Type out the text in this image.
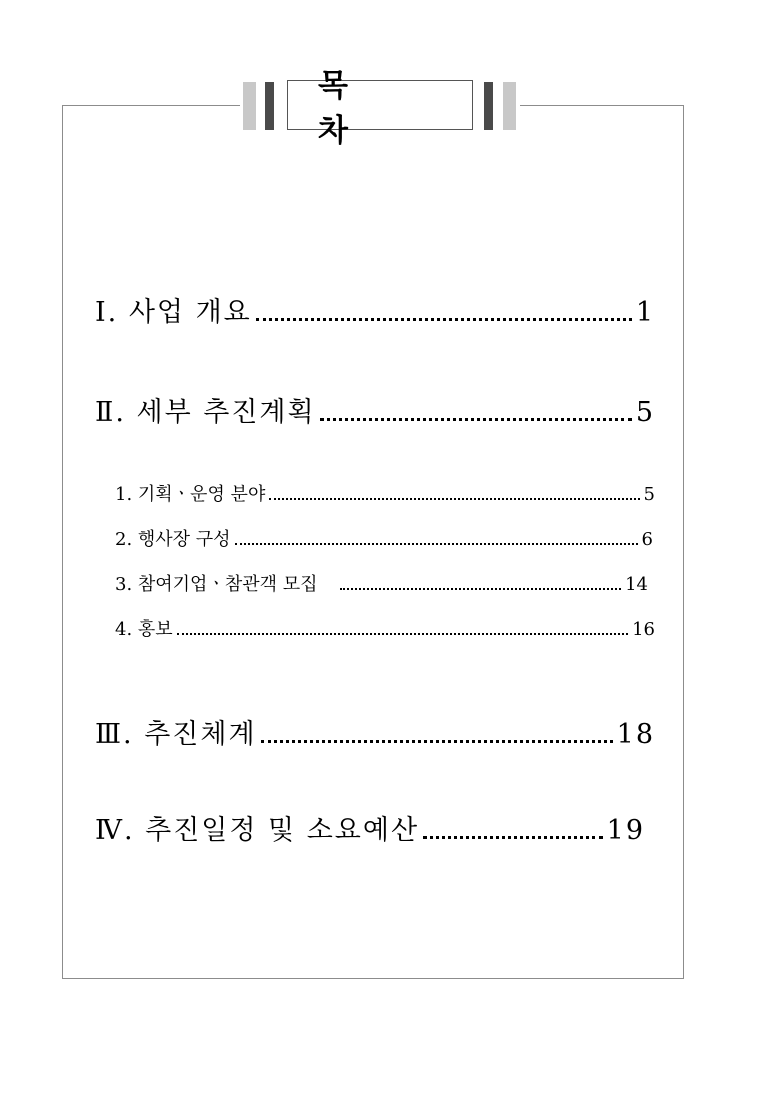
목 차
Ⅰ. 사업 개요	1
Ⅱ. 세부 추진계획	5
1. 기획ㆍ운영 분야	5
2. 행사장 구성	6
3. 참여기업ㆍ참관객 모집	14
4. 홍보	16
Ⅲ. 추진체계	18
Ⅳ. 추진일정 및 소요예산	19
